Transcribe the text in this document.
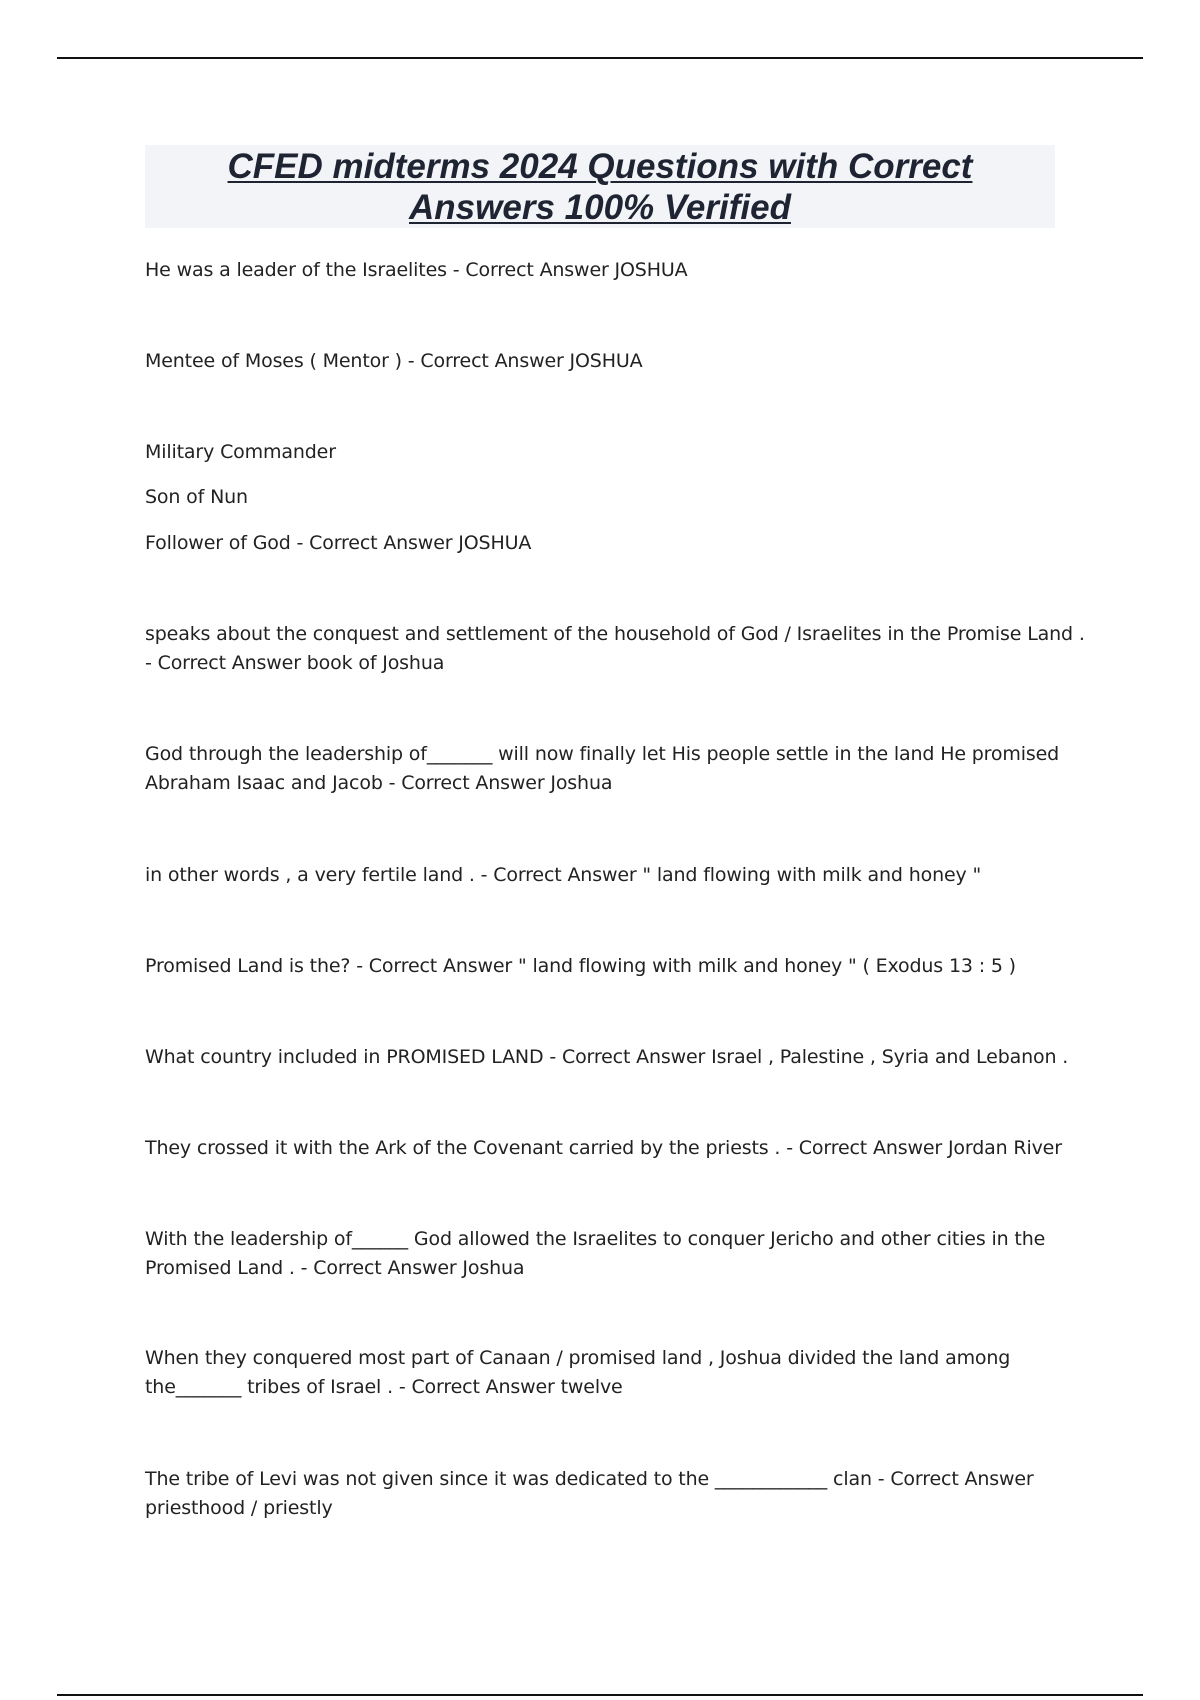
CFED midterms 2024 Questions with Correct
Answers 100% Verified

He was a leader of the Israelites - Correct Answer JOSHUA

Mentee of Moses ( Mentor ) - Correct Answer JOSHUA

Military Commander

Son of Nun

Follower of God - Correct Answer JOSHUA

speaks about the conquest and settlement of the household of God / Israelites in the Promise Land .
- Correct Answer book of Joshua

God through the leadership of_______ will now finally let His people settle in the land He promised
Abraham Isaac and Jacob - Correct Answer Joshua

in other words , a very fertile land . - Correct Answer " land flowing with milk and honey "

Promised Land is the? - Correct Answer " land flowing with milk and honey " ( Exodus 13 : 5 )

What country included in PROMISED LAND - Correct Answer Israel , Palestine , Syria and Lebanon .

They crossed it with the Ark of the Covenant carried by the priests . - Correct Answer Jordan River

With the leadership of______ God allowed the Israelites to conquer Jericho and other cities in the
Promised Land . - Correct Answer Joshua

When they conquered most part of Canaan / promised land , Joshua divided the land among
the_______ tribes of Israel . - Correct Answer twelve

The tribe of Levi was not given since it was dedicated to the ____________ clan - Correct Answer
priesthood / priestly
